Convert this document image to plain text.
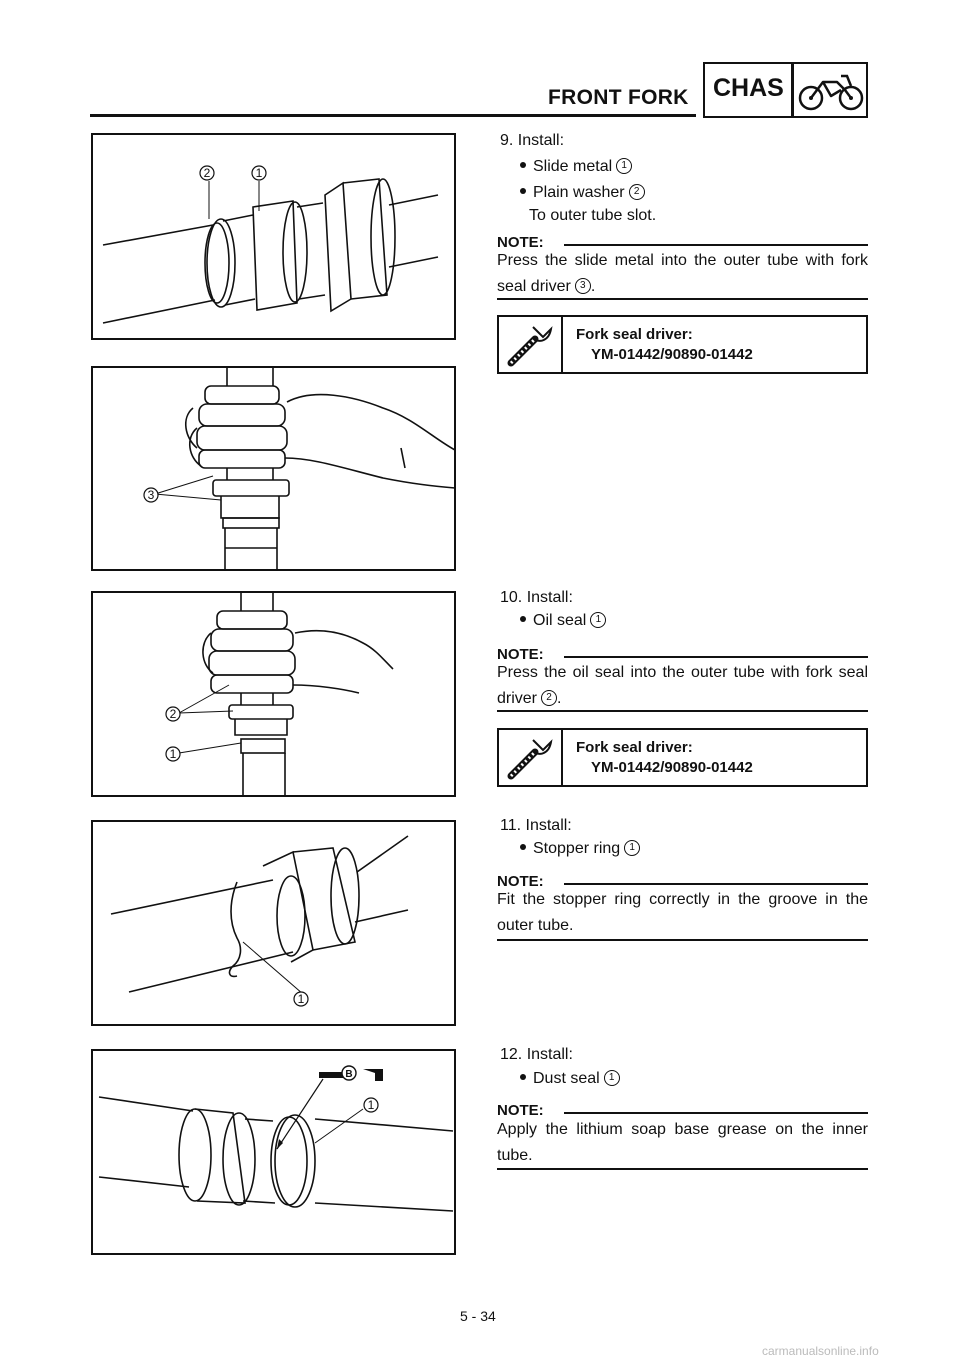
FRONT FORK CHAS
2	1
3
2
1
1
B
1
9. Install:
Slide metal 1
Plain washer 2
To outer tube slot.
NOTE:
Press the slide metal into the outer tube with fork seal driver 3 .
Fork seal driver:
YM-01442/90890-01442
10. Install:
Oil seal 1
NOTE:
Press the oil seal into the outer tube with fork seal driver 2 .
Fork seal driver:
YM-01442/90890-01442
11. Install:
Stopper ring 1
NOTE:
Fit the stopper ring correctly in the groove in the outer tube.
12. Install:
Dust seal 1
NOTE:
Apply the lithium soap base grease on the inner tube.
5 - 34
carmanualsonline.info
